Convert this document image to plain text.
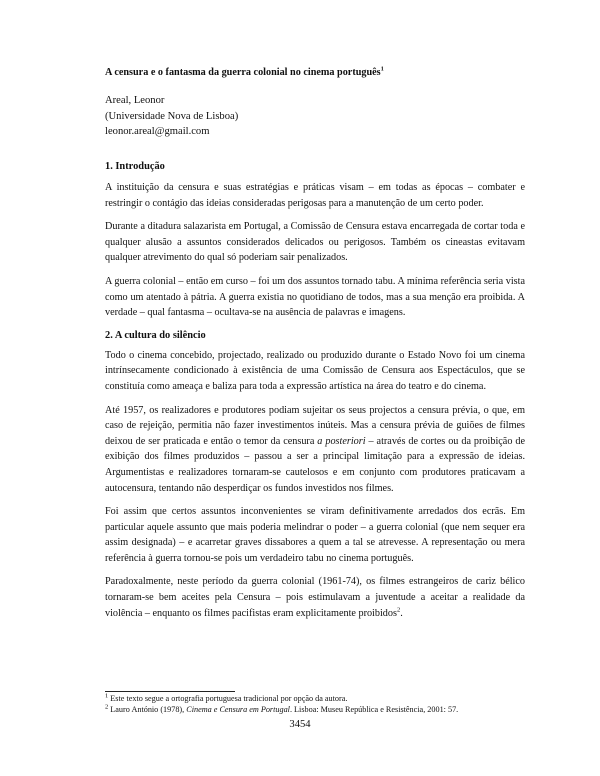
A censura e o fantasma da guerra colonial no cinema português$^1$
Areal, Leonor
(Universidade Nova de Lisboa)
leonor.areal@gmail.com
1. Introdução

A instituição da censura e suas estratégias e práticas visam – em todas as épocas – combater e restringir o contágio das ideias consideradas perigosas para a manutenção de um certo poder.

Durante a ditadura salazarista em Portugal, a Comissão de Censura estava encarregada de cortar toda e qualquer alusão a assuntos considerados delicados ou perigosos. Também os cineastas evitavam qualquer atrevimento do qual só poderiam sair penalizados.

A guerra colonial – então em curso – foi um dos assuntos tornado tabu. A mínima referência seria vista como um atentado à pátria. A guerra existia no quotidiano de todos, mas a sua menção era proibida. A verdade – qual fantasma – ocultava-se na ausência de palavras e imagens.

2. A cultura do silêncio

Todo o cinema concebido, projectado, realizado ou produzido durante o Estado Novo foi um cinema intrínsecamente condicionado à existência de uma Comissão de Censura aos Espectáculos, que se constituía como ameaça e baliza para toda a expressão artística na área do teatro e do cinema.

Até 1957, os realizadores e produtores podiam sujeitar os seus projectos a censura prévia, o que, em caso de rejeição, permitia não fazer investimentos inúteis. Mas a censura prévia de guiões de filmes deixou de ser praticada e então o temor da censura a posteriori – através de cortes ou da proibição de exibição dos filmes produzidos – passou a ser a principal limitação para a expressão de ideias. Argumentistas e realizadores tornaram-se cautelosos e em conjunto com produtores praticavam a autocensura, tentando não desperdiçar os fundos investidos nos filmes.

Foi assim que certos assuntos inconvenientes se viram definitivamente arredados dos ecrãs. Em particular aquele assunto que mais poderia melindrar o poder – a guerra colonial (que nem sequer era assim designada) – e acarretar graves dissabores a quem a tal se atrevesse. A representação ou mera referência à guerra tornou-se pois um verdadeiro tabu no cinema português.

Paradoxalmente, neste período da guerra colonial (1961-74), os filmes estrangeiros de cariz bélico tornaram-se bem aceites pela Censura – pois estimulavam a juventude a aceitar a realidade da violência – enquanto os filmes pacifistas eram explicitamente proibidos$^2$.

$^1$ Este texto segue a ortografia portuguesa tradicional por opção da autora.
$^2$ Lauro António (1978), Cinema e Censura em Portugal. Lisboa: Museu República e Resistência, 2001: 57.
3454
